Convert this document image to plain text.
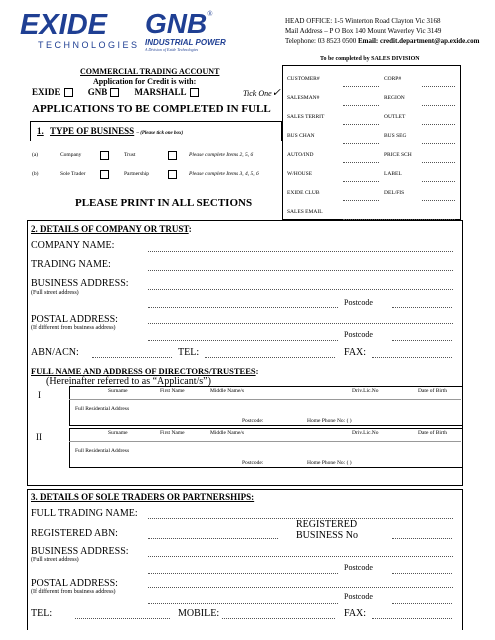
EXIDE
TECHNOLOGIES
GNB®
INDUSTRIAL POWER
A Division of Exide Technologies
HEAD OFFICE: 1-5 Winterton Road Clayton Vic 3168
Mail Address – P O Box 140 Mount Waverley Vic 3149
Telephone: 03 8523 0500 Email: credit.department@ap.exide.com
COMMERCIAL TRADING ACCOUNT
Application for Credit is with:
EXIDE	GNB	MARSHALL	Tick One✓
APPLICATIONS TO BE COMPLETED IN FULL
1. TYPE OF BUSINESS – (Please tick one box)
(a)	Company	Trust	Please complete Items 2, 5, 6
(b)	Sole Trader	Partnership	Please complete Items 3, 4, 5, 6
PLEASE PRINT IN ALL SECTIONS
To be completed by SALES DIVISION
CUSTOMER#	CORP#
SALESMAN#	REGION
SALES TERRIT	OUTLET
BUS CHAN	BUS SEG
AUTO/IND	PRICE SCH
W/HOUSE	LABEL
EXIDE CLUB	DEL/FIS
SALES EMAIL
2. DETAILS OF COMPANY OR TRUST:
COMPANY NAME:
TRADING NAME:
BUSINESS ADDRESS:
(Full street address)
Postcode
POSTAL ADDRESS:
(If different from business address)
Postcode
ABN/ACN:	TEL:	FAX:
FULL NAME AND ADDRESS OF DIRECTORS/TRUSTEES:
(Hereinafter referred to as “Applicant/s”)
I	Surname	First Name	Middle Name/s	Driv.Lic.No	Date of Birth
Full Residential Address
Postcode:	Home Phone No: ( )
II	Surname	First Name	Middle Name/s	Driv.Lic.No	Date of Birth
Full Residential Address
Postcode:	Home Phone No: ( )
3. DETAILS OF SOLE TRADERS OR PARTNERSHIPS:
FULL TRADING NAME:
REGISTERED ABN:
REGISTERED
BUSINESS No
BUSINESS ADDRESS:
(Full street address)
Postcode
POSTAL ADDRESS:
(If different from business address)	Postcode
TEL:	MOBILE:	FAX:
